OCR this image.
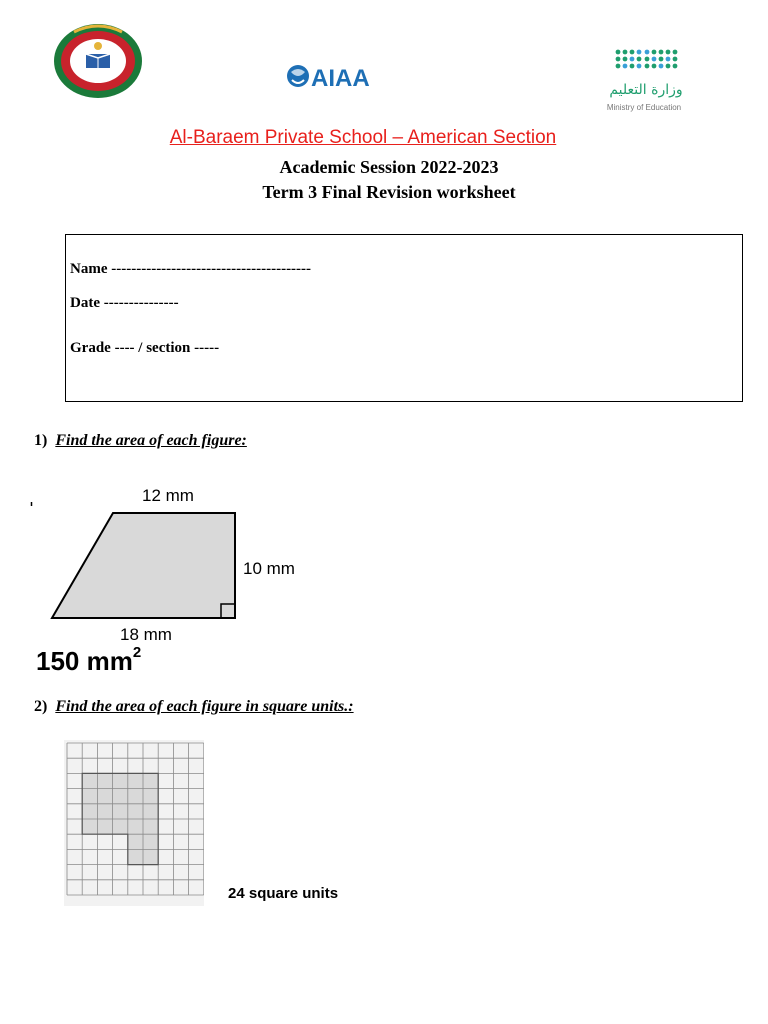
AIAA	وزارة التعليم
Ministry of Education
Al-Baraem Private School – American Section
Academic Session 2022-2023
Term 3 Final Revision worksheet
Name ----------------------------------------
Date ---------------
Grade ---- / section -----
1) Find the area of each figure:
12 mm
10 mm
18 mm
150 $mm^2$
2) Find the area of each figure in square units.:
24 square units
